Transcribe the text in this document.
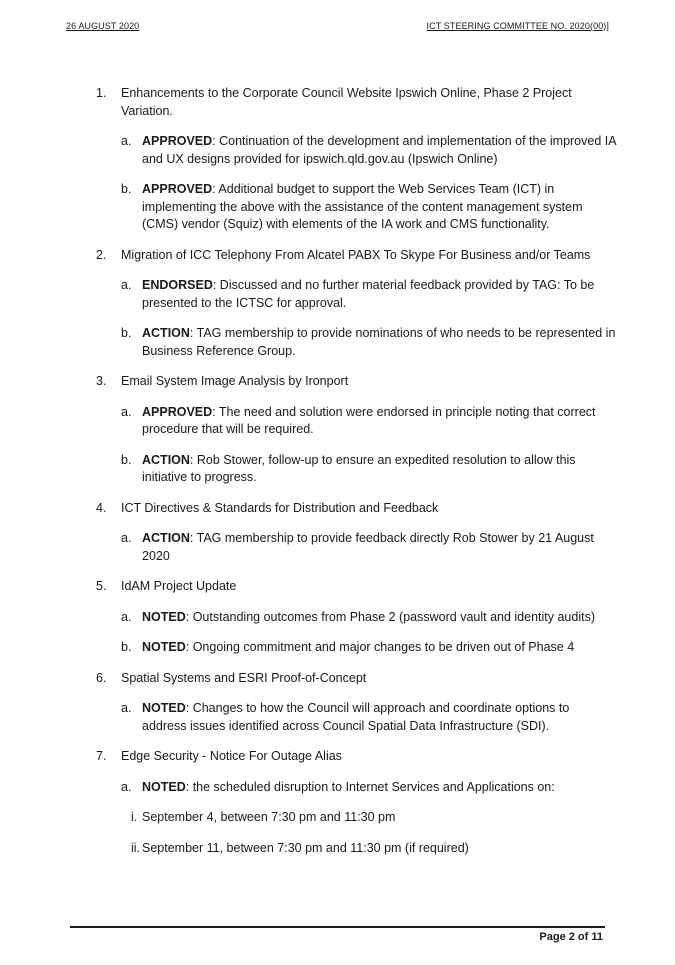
26 AUGUST 2020	ICT STEERING COMMITTEE NO. 2020(00)]
1.	Enhancements to the Corporate Council Website Ipswich Online, Phase 2 Project Variation.
a. APPROVED: Continuation of the development and implementation of the improved IA and UX designs provided for ipswich.qld.gov.au (Ipswich Online)
b. APPROVED: Additional budget to support the Web Services Team (ICT) in implementing the above with the assistance of the content management system (CMS) vendor (Squiz) with elements of the IA work and CMS functionality.
2.	Migration of ICC Telephony From Alcatel PABX To Skype For Business and/or Teams
a. ENDORSED: Discussed and no further material feedback provided by TAG: To be presented to the ICTSC for approval.
b. ACTION: TAG membership to provide nominations of who needs to be represented in Business Reference Group.
3.	Email System Image Analysis by Ironport
a. APPROVED: The need and solution were endorsed in principle noting that correct procedure that will be required.
b. ACTION: Rob Stower, follow-up to ensure an expedited resolution to allow this initiative to progress.
4.	ICT Directives & Standards for Distribution and Feedback
a. ACTION: TAG membership to provide feedback directly Rob Stower by 21 August 2020
5.	IdAM Project Update
a. NOTED: Outstanding outcomes from Phase 2 (password vault and identity audits)
b. NOTED: Ongoing commitment and major changes to be driven out of Phase 4
6.	Spatial Systems and ESRI Proof-of-Concept
a. NOTED: Changes to how the Council will approach and coordinate options to address issues identified across Council Spatial Data Infrastructure (SDI).
7.	Edge Security - Notice For Outage Alias
a. NOTED: the scheduled disruption to Internet Services and Applications on:
i. September 4, between 7:30 pm and 11:30 pm
ii. September 11, between 7:30 pm and 11:30 pm (if required)
Page 2 of 11
